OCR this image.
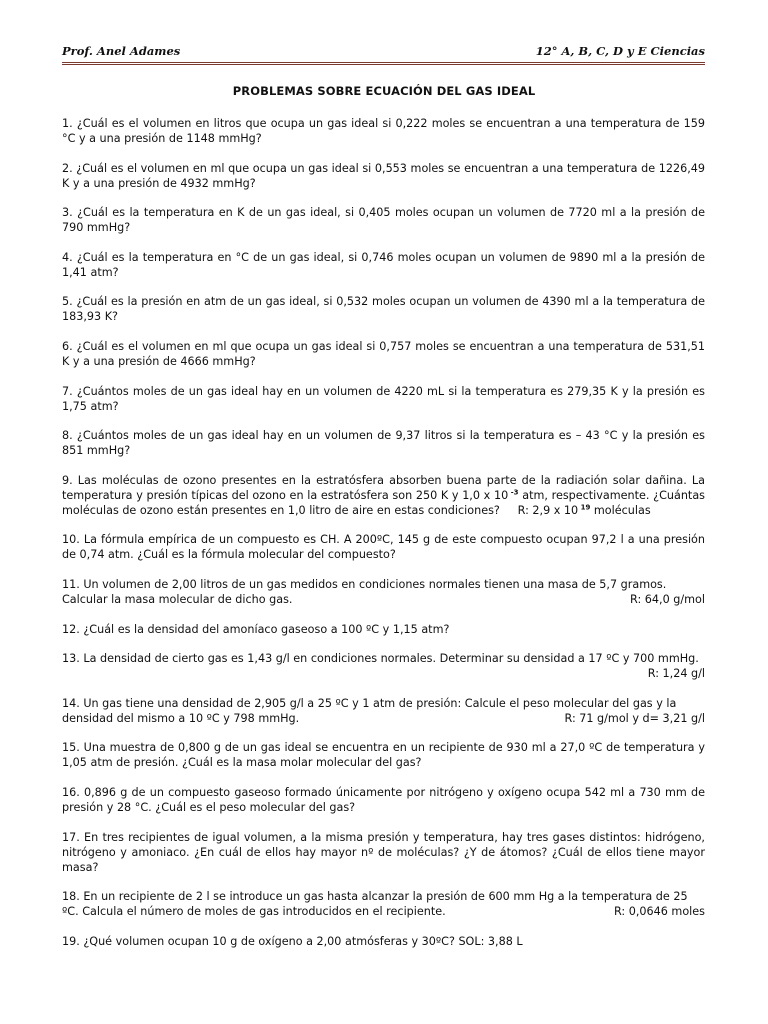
Prof. Anel Adames	12° A, B, C, D y E Ciencias
PROBLEMAS SOBRE ECUACIÓN DEL GAS IDEAL

1. ¿Cuál es el volumen en litros que ocupa un gas ideal si 0,222 moles se encuentran a una temperatura de 159 °C y a una presión de 1148 mmHg?

2. ¿Cuál es el volumen en ml que ocupa un gas ideal si 0,553 moles se encuentran a una temperatura de 1226,49 K y a una presión de 4932 mmHg?

3. ¿Cuál es la temperatura en K de un gas ideal, si 0,405 moles ocupan un volumen de 7720 ml a la presión de 790 mmHg?

4. ¿Cuál es la temperatura en °C de un gas ideal, si 0,746 moles ocupan un volumen de 9890 ml a la presión de 1,41 atm?

5. ¿Cuál es la presión en atm de un gas ideal, si 0,532 moles ocupan un volumen de 4390 ml a la temperatura de 183,93 K?

6. ¿Cuál es el volumen en ml que ocupa un gas ideal si 0,757 moles se encuentran a una temperatura de 531,51 K y a una presión de 4666 mmHg?

7. ¿Cuántos moles de un gas ideal hay en un volumen de 4220 mL si la temperatura es 279,35 K y la presión es 1,75 atm?

8. ¿Cuántos moles de un gas ideal hay en un volumen de 9,37 litros si la temperatura es – 43 °C y la presión es 851 mmHg?

9. Las moléculas de ozono presentes en la estratósfera absorben buena parte de la radiación solar dañina. La temperatura y presión típicas del ozono en la estratósfera son 250 K y 1,0 x 10 $^{-3}$ atm, respectivamente. ¿Cuántas moléculas de ozono están presentes en 1,0 litro de aire en estas condiciones? R: 2,9 x 10 $^{19}$ moléculas

10. La fórmula empírica de un compuesto es CH. A 200ºC, 145 g de este compuesto ocupan 97,2 l a una presión de 0,74 atm. ¿Cuál es la fórmula molecular del compuesto?

11. Un volumen de 2,00 litros de un gas medidos en condiciones normales tienen una masa de 5,7 gramos.
Calcular la masa molecular de dicho gas.	R: 64,0 g/mol

12. ¿Cuál es la densidad del amoníaco gaseoso a 100 ºC y 1,15 atm?

13. La densidad de cierto gas es 1,43 g/l en condiciones normales. Determinar su densidad a 17 ºC y 700 mmHg.
R: 1,24 g/l
14. Un gas tiene una densidad de 2,905 g/l a 25 ºC y 1 atm de presión: Calcule el peso molecular del gas y la
densidad del mismo a 10 ºC y 798 mmHg.	R: 71 g/mol y d= 3,21 g/l

15. Una muestra de 0,800 g de un gas ideal se encuentra en un recipiente de 930 ml a 27,0 ºC de temperatura y 1,05 atm de presión. ¿Cuál es la masa molar molecular del gas?

16. 0,896 g de un compuesto gaseoso formado únicamente por nitrógeno y oxígeno ocupa 542 ml a 730 mm de presión y 28 °C. ¿Cuál es el peso molecular del gas?

17. En tres recipientes de igual volumen, a la misma presión y temperatura, hay tres gases distintos: hidrógeno, nitrógeno y amoniaco. ¿En cuál de ellos hay mayor nº de moléculas? ¿Y de átomos? ¿Cuál de ellos tiene mayor masa?

18. En un recipiente de 2 l se introduce un gas hasta alcanzar la presión de 600 mm Hg a la temperatura de 25
ºC. Calcula el número de moles de gas introducidos en el recipiente.	R: 0,0646 moles

19. ¿Qué volumen ocupan 10 g de oxígeno a 2,00 atmósferas y 30ºC? SOL: 3,88 L
